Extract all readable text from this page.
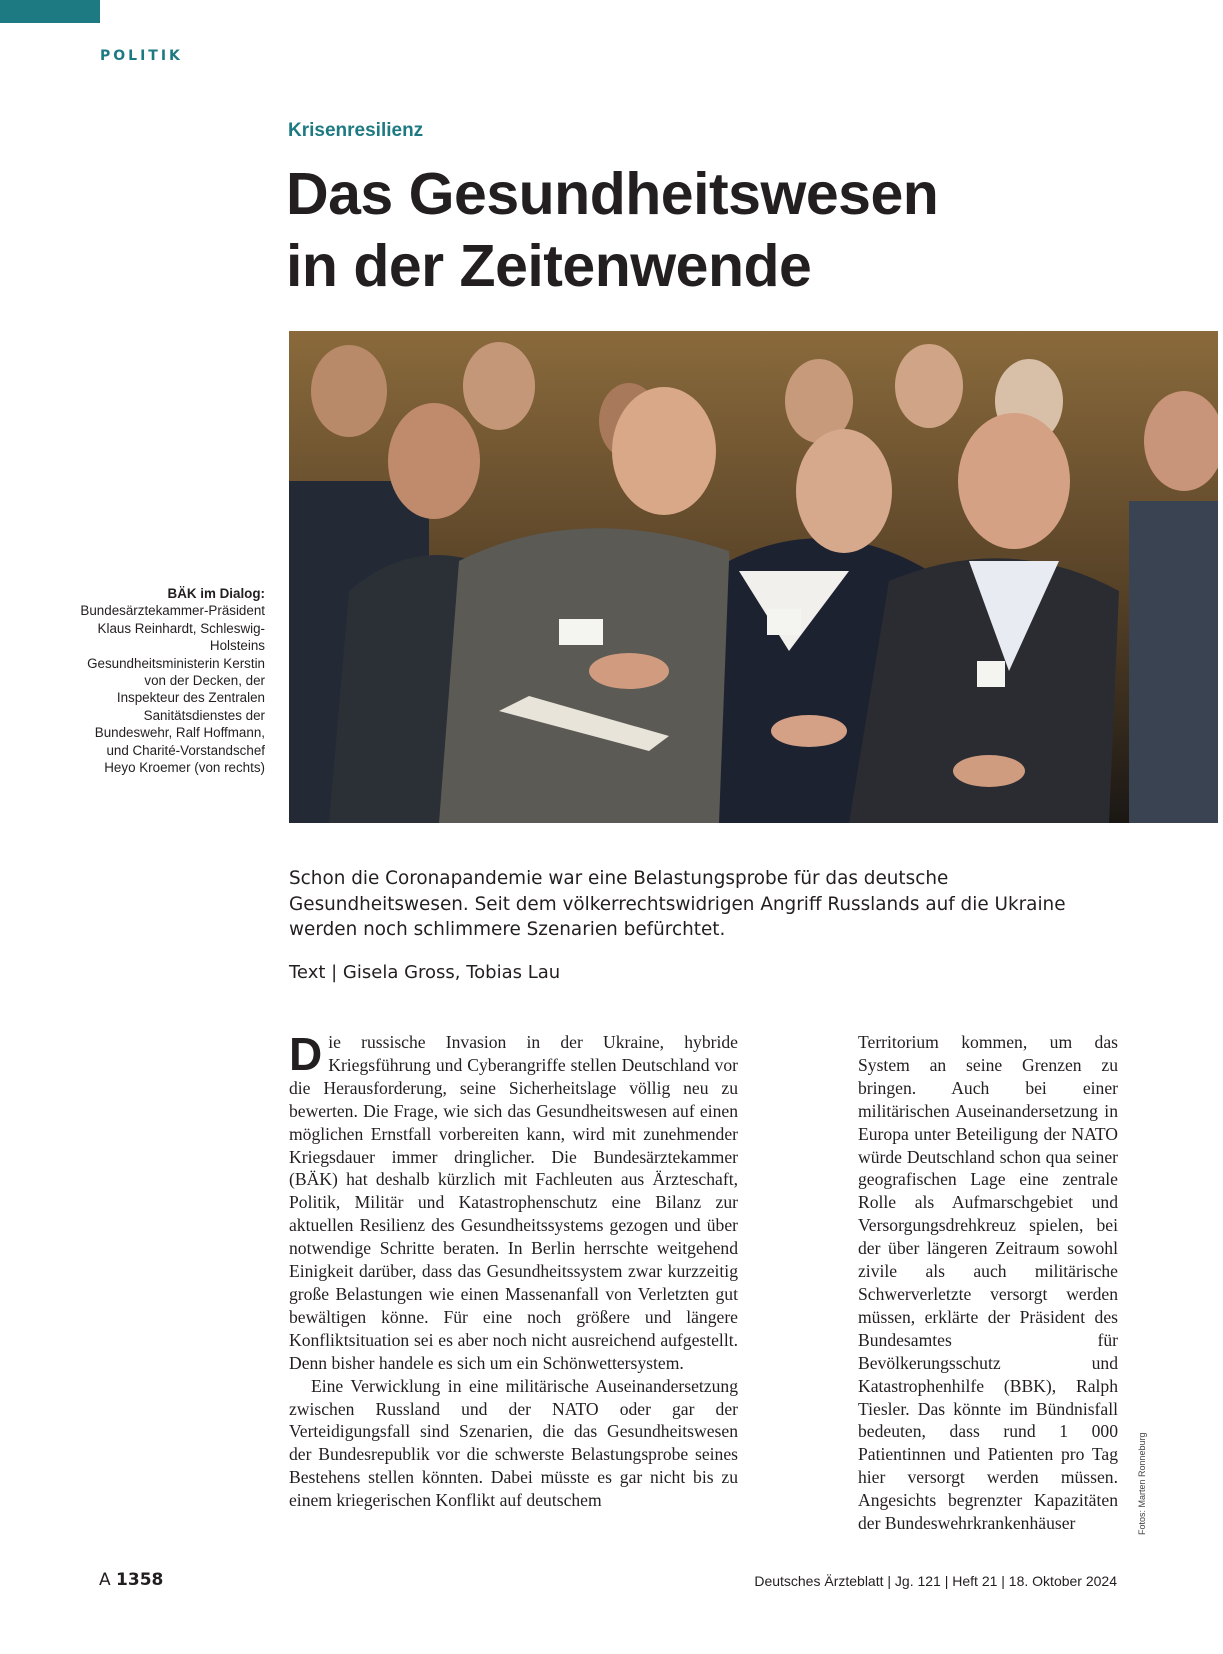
POLITIK
Krisenresilienz
Das Gesundheitswesen
in der Zeitenwende
BÄK im Dialog: Bundesärztekammer-Präsident Klaus Reinhardt, Schleswig-Holsteins Gesundheitsministerin Kerstin von der Decken, der Inspekteur des Zentralen Sanitätsdienstes der Bundeswehr, Ralf Hoffmann, und Charité-Vorstandschef Heyo Kroemer (von rechts)

Schon die Coronapandemie war eine Belastungsprobe für das deutsche Gesundheitswesen. Seit dem völkerrechtswidrigen Angriff Russlands auf die Ukraine werden noch schlimmere Szenarien befürchtet.

Text | Gisela Gross, Tobias Lau

Die russische Invasion in der Ukraine, hybride Kriegsführung und Cyberangriffe stellen Deutschland vor die Herausforderung, seine Sicherheitslage völlig neu zu bewerten. Die Frage, wie sich das Gesundheitswesen auf einen möglichen Ernstfall vorbereiten kann, wird mit zunehmender Kriegsdauer immer dringlicher. Die Bundesärztekammer (BÄK) hat deshalb kürzlich mit Fachleuten aus Ärzteschaft, Politik, Militär und Katastrophenschutz eine Bilanz zur aktuellen Resilienz des Gesundheitssystems gezogen und über notwendige Schritte beraten. In Berlin herrschte weitgehend Einigkeit darüber, dass das Gesundheitssystem zwar kurzzeitig große Belastungen wie einen Massenanfall von Verletzten gut bewältigen könne. Für eine noch größere und längere Konfliktsituation sei es aber noch nicht ausreichend aufgestellt. Denn bisher handele es sich um ein Schönwettersystem.

Eine Verwicklung in eine militärische Auseinandersetzung zwischen Russland und der NATO oder gar der Verteidigungsfall sind Szenarien, die das Gesundheitswesen der Bundesrepublik vor die schwerste Belastungsprobe seines Bestehens stellen könnten. Dabei müsste es gar nicht bis zu einem kriegerischen Konflikt auf deutschem

Territorium kommen, um das System an seine Grenzen zu bringen. Auch bei einer militärischen Auseinandersetzung in Europa unter Beteiligung der NATO würde Deutschland schon qua seiner geografischen Lage eine zentrale Rolle als Aufmarschgebiet und Versorgungsdrehkreuz spielen, bei der über längeren Zeitraum sowohl zivile als auch militärische Schwerverletzte versorgt werden müssen, erklärte der Präsident des Bundesamtes für Bevölkerungsschutz und Katastrophenhilfe (BBK), Ralph Tiesler. Das könnte im Bündnisfall bedeuten, dass rund 1 000 Patientinnen und Patienten pro Tag hier versorgt werden müssen. Angesichts begrenzter Kapazitäten der Bundeswehrkrankenhäuser	Fotos: Marten Ronneburg
A 1358	Deutsches Ärzteblatt | Jg. 121 | Heft 21 | 18. Oktober 2024
